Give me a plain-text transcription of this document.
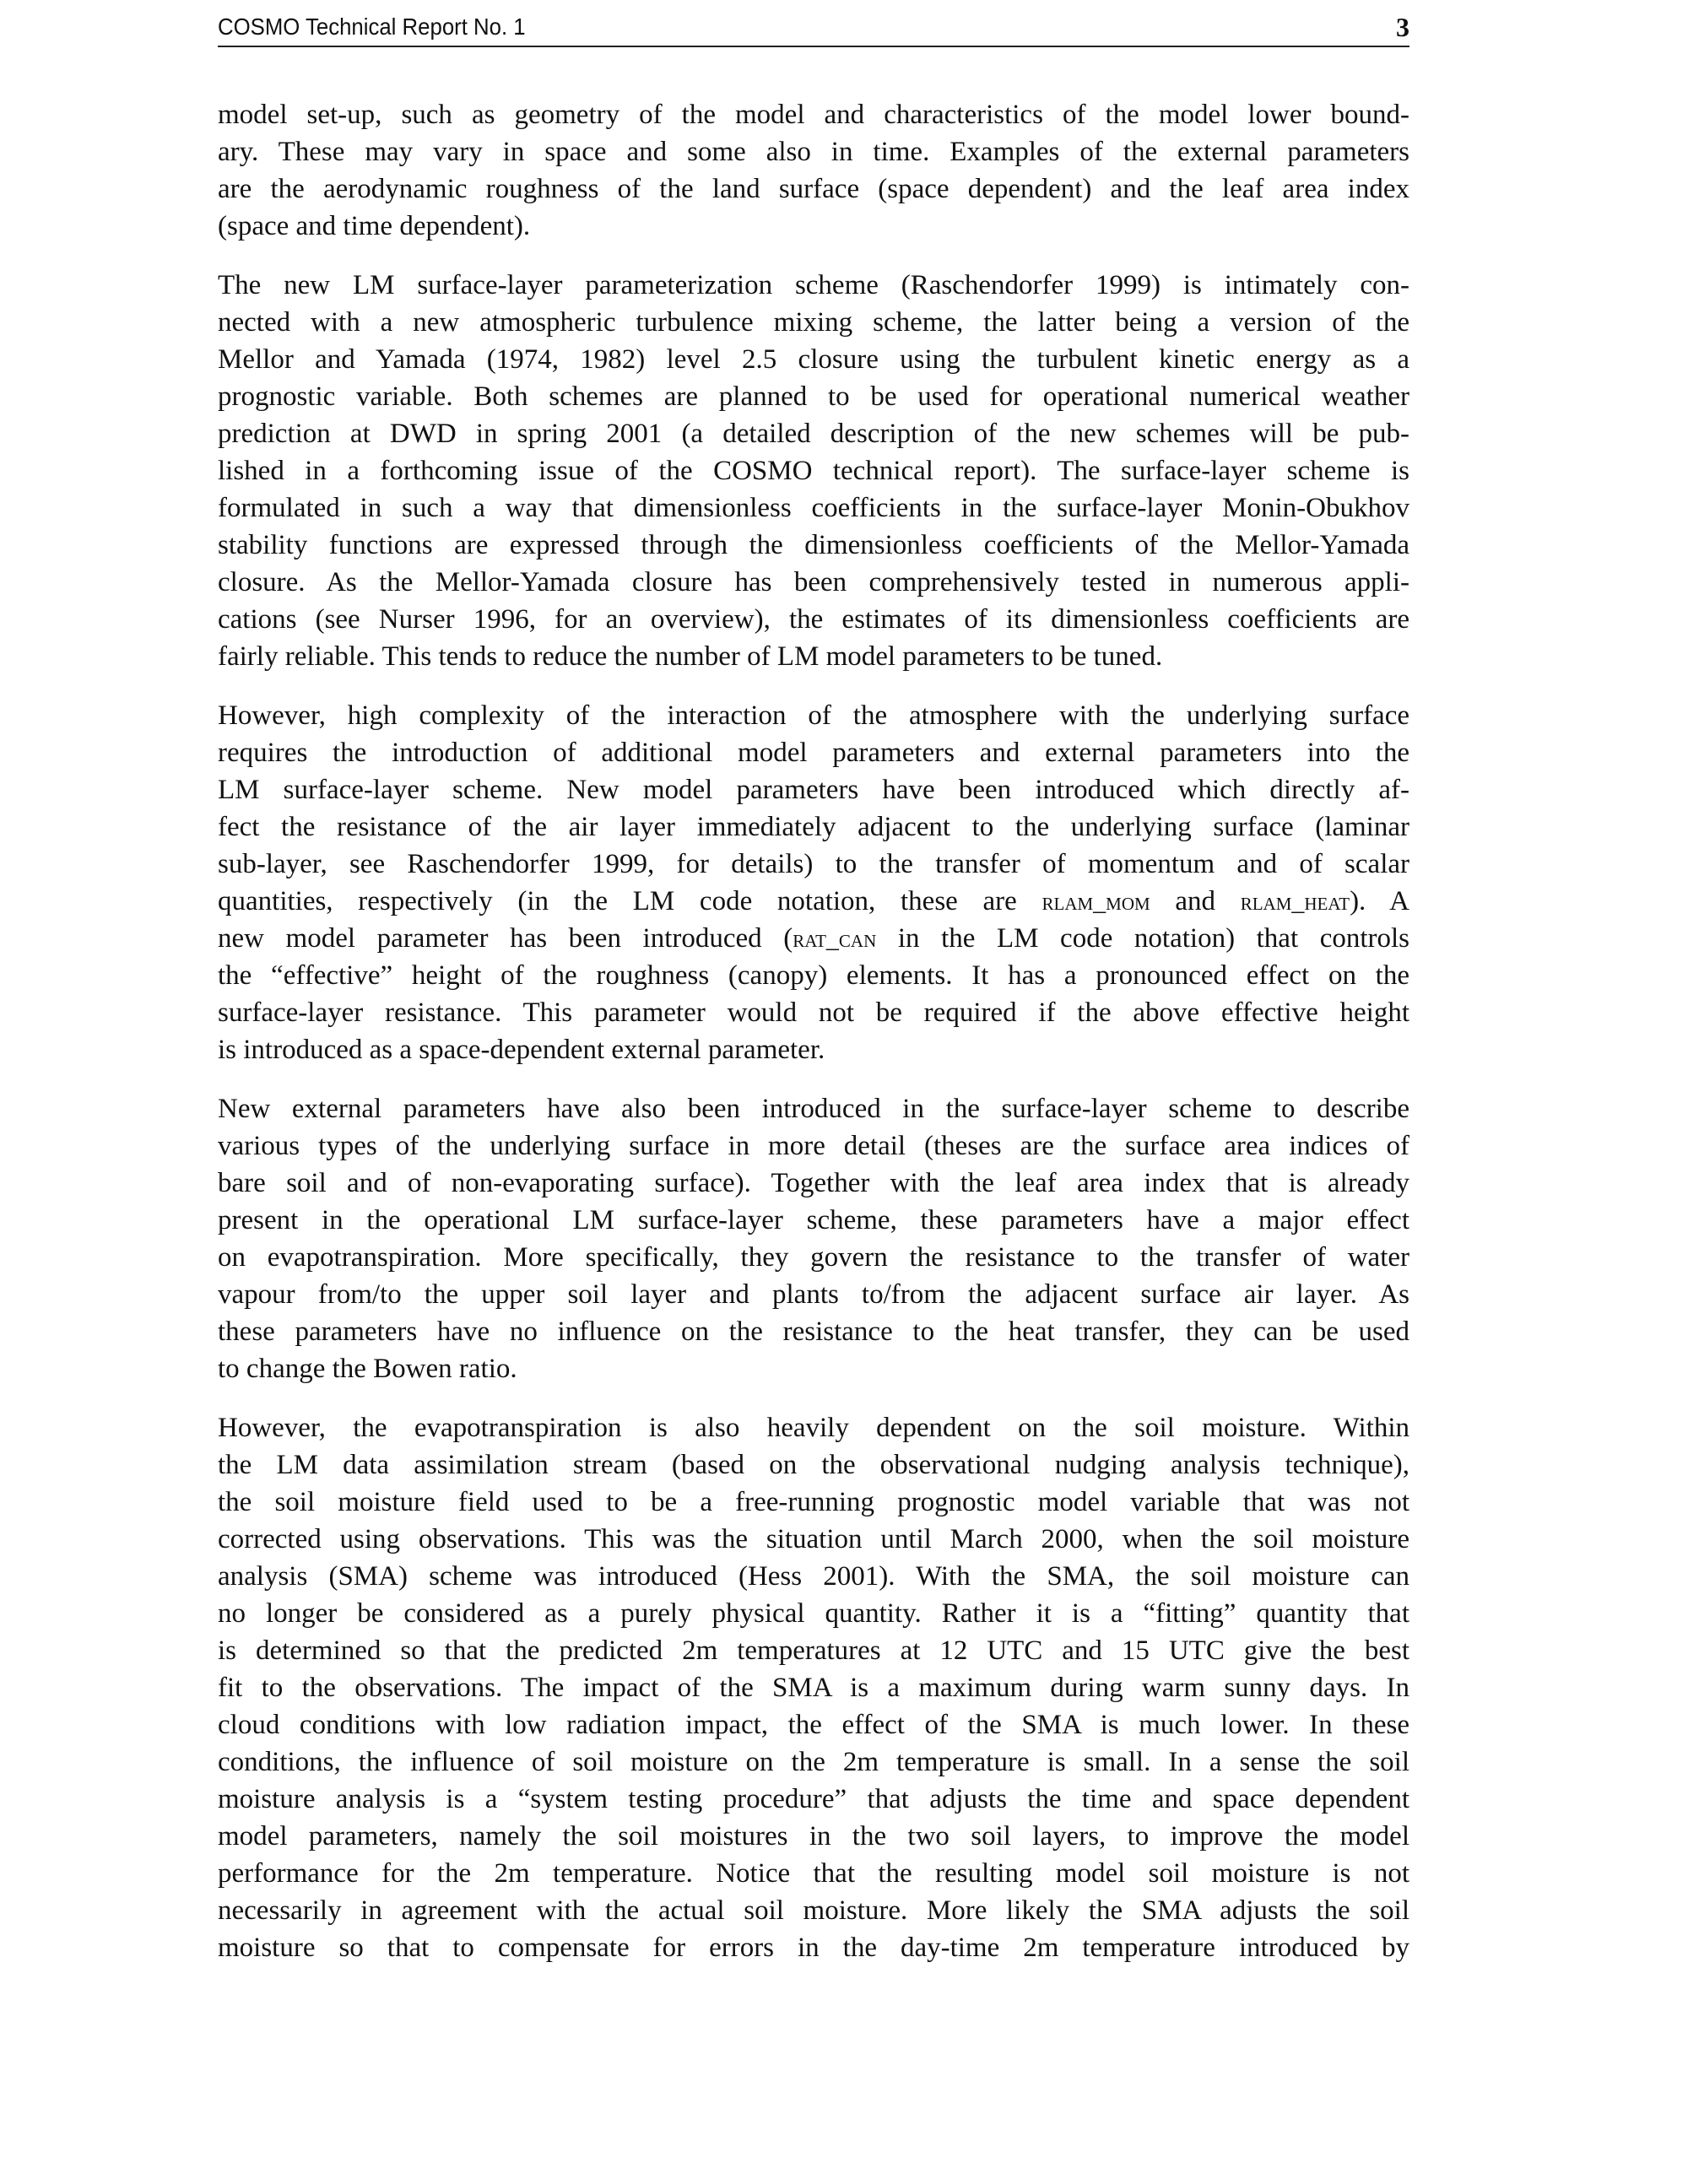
COSMO Technical Report No. 1	3
model set-up, such as geometry of the model and characteristics of the model lower bound-
ary. These may vary in space and some also in time. Examples of the external parameters
are the aerodynamic roughness of the land surface (space dependent) and the leaf area index
(space and time dependent).
The new LM surface-layer parameterization scheme (Raschendorfer 1999) is intimately con-
nected with a new atmospheric turbulence mixing scheme, the latter being a version of the
Mellor and Yamada (1974, 1982) level 2.5 closure using the turbulent kinetic energy as a
prognostic variable. Both schemes are planned to be used for operational numerical weather
prediction at DWD in spring 2001 (a detailed description of the new schemes will be pub-
lished in a forthcoming issue of the COSMO technical report). The surface-layer scheme is
formulated in such a way that dimensionless coefficients in the surface-layer Monin-Obukhov
stability functions are expressed through the dimensionless coefficients of the Mellor-Yamada
closure. As the Mellor-Yamada closure has been comprehensively tested in numerous appli-
cations (see Nurser 1996, for an overview), the estimates of its dimensionless coefficients are
fairly reliable. This tends to reduce the number of LM model parameters to be tuned.
However, high complexity of the interaction of the atmosphere with the underlying surface
requires the introduction of additional model parameters and external parameters into the
LM surface-layer scheme. New model parameters have been introduced which directly af-
fect the resistance of the air layer immediately adjacent to the underlying surface (laminar
sub-layer, see Raschendorfer 1999, for details) to the transfer of momentum and of scalar
quantities, respectively (in the LM code notation, these are rlam_mom and rlam_heat). A
new model parameter has been introduced (rat_can in the LM code notation) that controls
the “effective” height of the roughness (canopy) elements. It has a pronounced effect on the
surface-layer resistance. This parameter would not be required if the above effective height
is introduced as a space-dependent external parameter.
New external parameters have also been introduced in the surface-layer scheme to describe
various types of the underlying surface in more detail (theses are the surface area indices of
bare soil and of non-evaporating surface). Together with the leaf area index that is already
present in the operational LM surface-layer scheme, these parameters have a major effect
on evapotranspiration. More specifically, they govern the resistance to the transfer of water
vapour from/to the upper soil layer and plants to/from the adjacent surface air layer. As
these parameters have no influence on the resistance to the heat transfer, they can be used
to change the Bowen ratio.
However, the evapotranspiration is also heavily dependent on the soil moisture. Within
the LM data assimilation stream (based on the observational nudging analysis technique),
the soil moisture field used to be a free-running prognostic model variable that was not
corrected using observations. This was the situation until March 2000, when the soil moisture
analysis (SMA) scheme was introduced (Hess 2001). With the SMA, the soil moisture can
no longer be considered as a purely physical quantity. Rather it is a “fitting” quantity that
is determined so that the predicted 2m temperatures at 12 UTC and 15 UTC give the best
fit to the observations. The impact of the SMA is a maximum during warm sunny days. In
cloud conditions with low radiation impact, the effect of the SMA is much lower. In these
conditions, the influence of soil moisture on the 2m temperature is small. In a sense the soil
moisture analysis is a “system testing procedure” that adjusts the time and space dependent
model parameters, namely the soil moistures in the two soil layers, to improve the model
performance for the 2m temperature. Notice that the resulting model soil moisture is not
necessarily in agreement with the actual soil moisture. More likely the SMA adjusts the soil
moisture so that to compensate for errors in the day-time 2m temperature introduced by
